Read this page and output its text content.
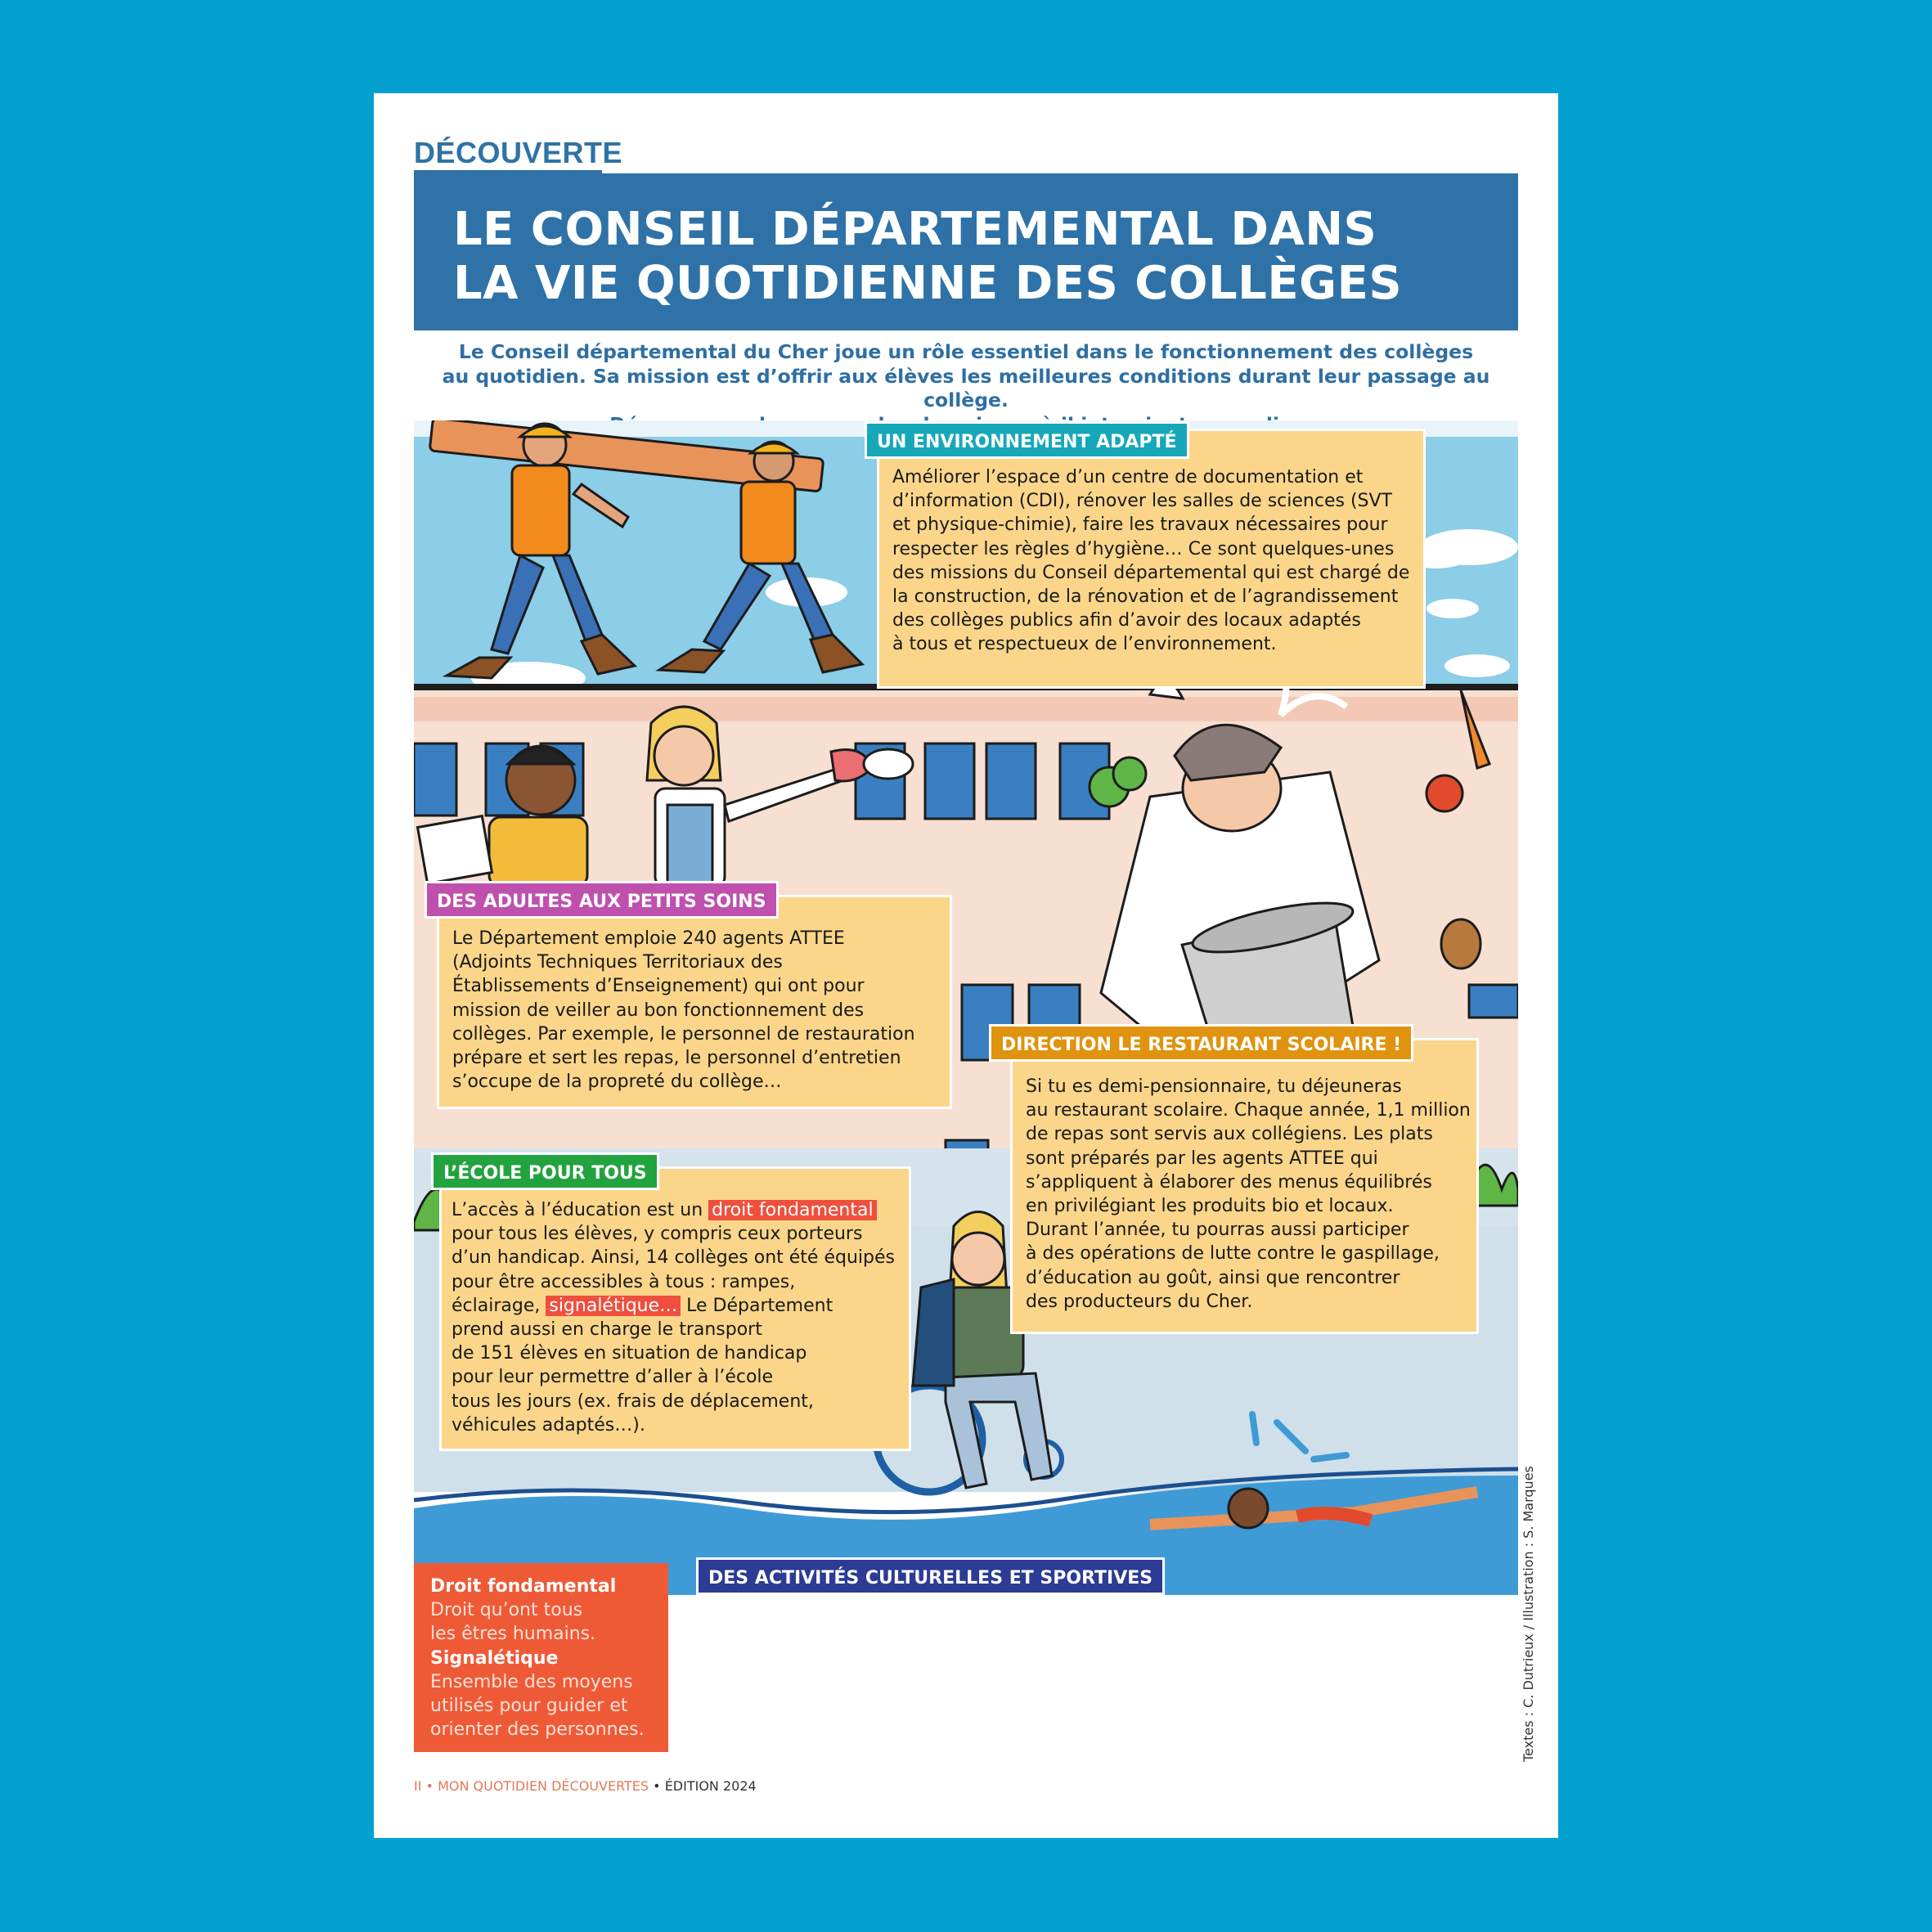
DÉCOUVERTE
LE CONSEIL DÉPARTEMENTAL DANS
LA VIE QUOTIDIENNE DES COLLÈGES
Le Conseil départemental du Cher joue un rôle essentiel dans le fonctionnement des collèges
au quotidien. Sa mission est d’offrir aux élèves les meilleures conditions durant leur passage au collège.

Améliorer l’espace d’un centre de documentation et

d’information (CDI), rénover les salles de sciences (SVT

et physique-chimie), faire les travaux nécessaires pour

respecter les règles d’hygiène… Ce sont quelques-unes

des missions du Conseil départemental qui est chargé de

la construction, de la rénovation et de l’agrandissement

des collèges publics afin d’avoir des locaux adaptés

à tous et respectueux de l’environnement.

UN ENVIRONNEMENT ADAPTÉ

Le Département emploie 240 agents ATTEE

(Adjoints Techniques Territoriaux des

Établissements d’Enseignement) qui ont pour

mission de veiller au bon fonctionnement des

collèges. Par exemple, le personnel de restauration

prépare et sert les repas, le personnel d’entretien

s’occupe de la propreté du collège…

DES ADULTES AUX PETITS SOINS

Si tu es demi-pensionnaire, tu déjeuneras

au restaurant scolaire. Chaque année, 1,1 million

de repas sont servis aux collégiens. Les plats

sont préparés par les agents ATTEE qui

s’appliquent à élaborer des menus équilibrés

en privilégiant les produits bio et locaux.

Durant l’année, tu pourras aussi participer

à des opérations de lutte contre le gaspillage,

d’éducation au goût, ainsi que rencontrer

des producteurs du Cher.

DIRECTION LE RESTAURANT SCOLAIRE !

L’accès à l’éducation est un droit fondamental

pour tous les élèves, y compris ceux porteurs

d’un handicap. Ainsi, 14 collèges ont été équipés

pour être accessibles à tous : rampes,

éclairage, signalétique… Le Département

prend aussi en charge le transport

de 151 élèves en situation de handicap

pour leur permettre d’aller à l’école

tous les jours (ex. frais de déplacement,

véhicules adaptés…).

L’ÉCOLE POUR TOUS
Droit fondamental
Droit qu’ont tous
les êtres humains.
Signalétique
Ensemble des moyens
utilisés pour guider et
orienter des personnes.

Au collège, tu vas découvrir des lieux de culture et pratiquer des sports grâce

à des sorties organisées au cours de l’année. Par exemple : visite de l’abbaye

de Noirlac, observation du ciel au Pôle des Étoiles de Nançay, activités nautiques

à la base de loisirs de Goule, apprentissage de la natation à la piscine…

Le Conseil départemental participe au transport des élèves pour ces activités.

DES ACTIVITÉS CULTURELLES ET SPORTIVES	Textes : C. Dutrieux / Illustration : S. Marques
II • MON QUOTIDIEN DÉCOUVERTES • ÉDITION 2024
